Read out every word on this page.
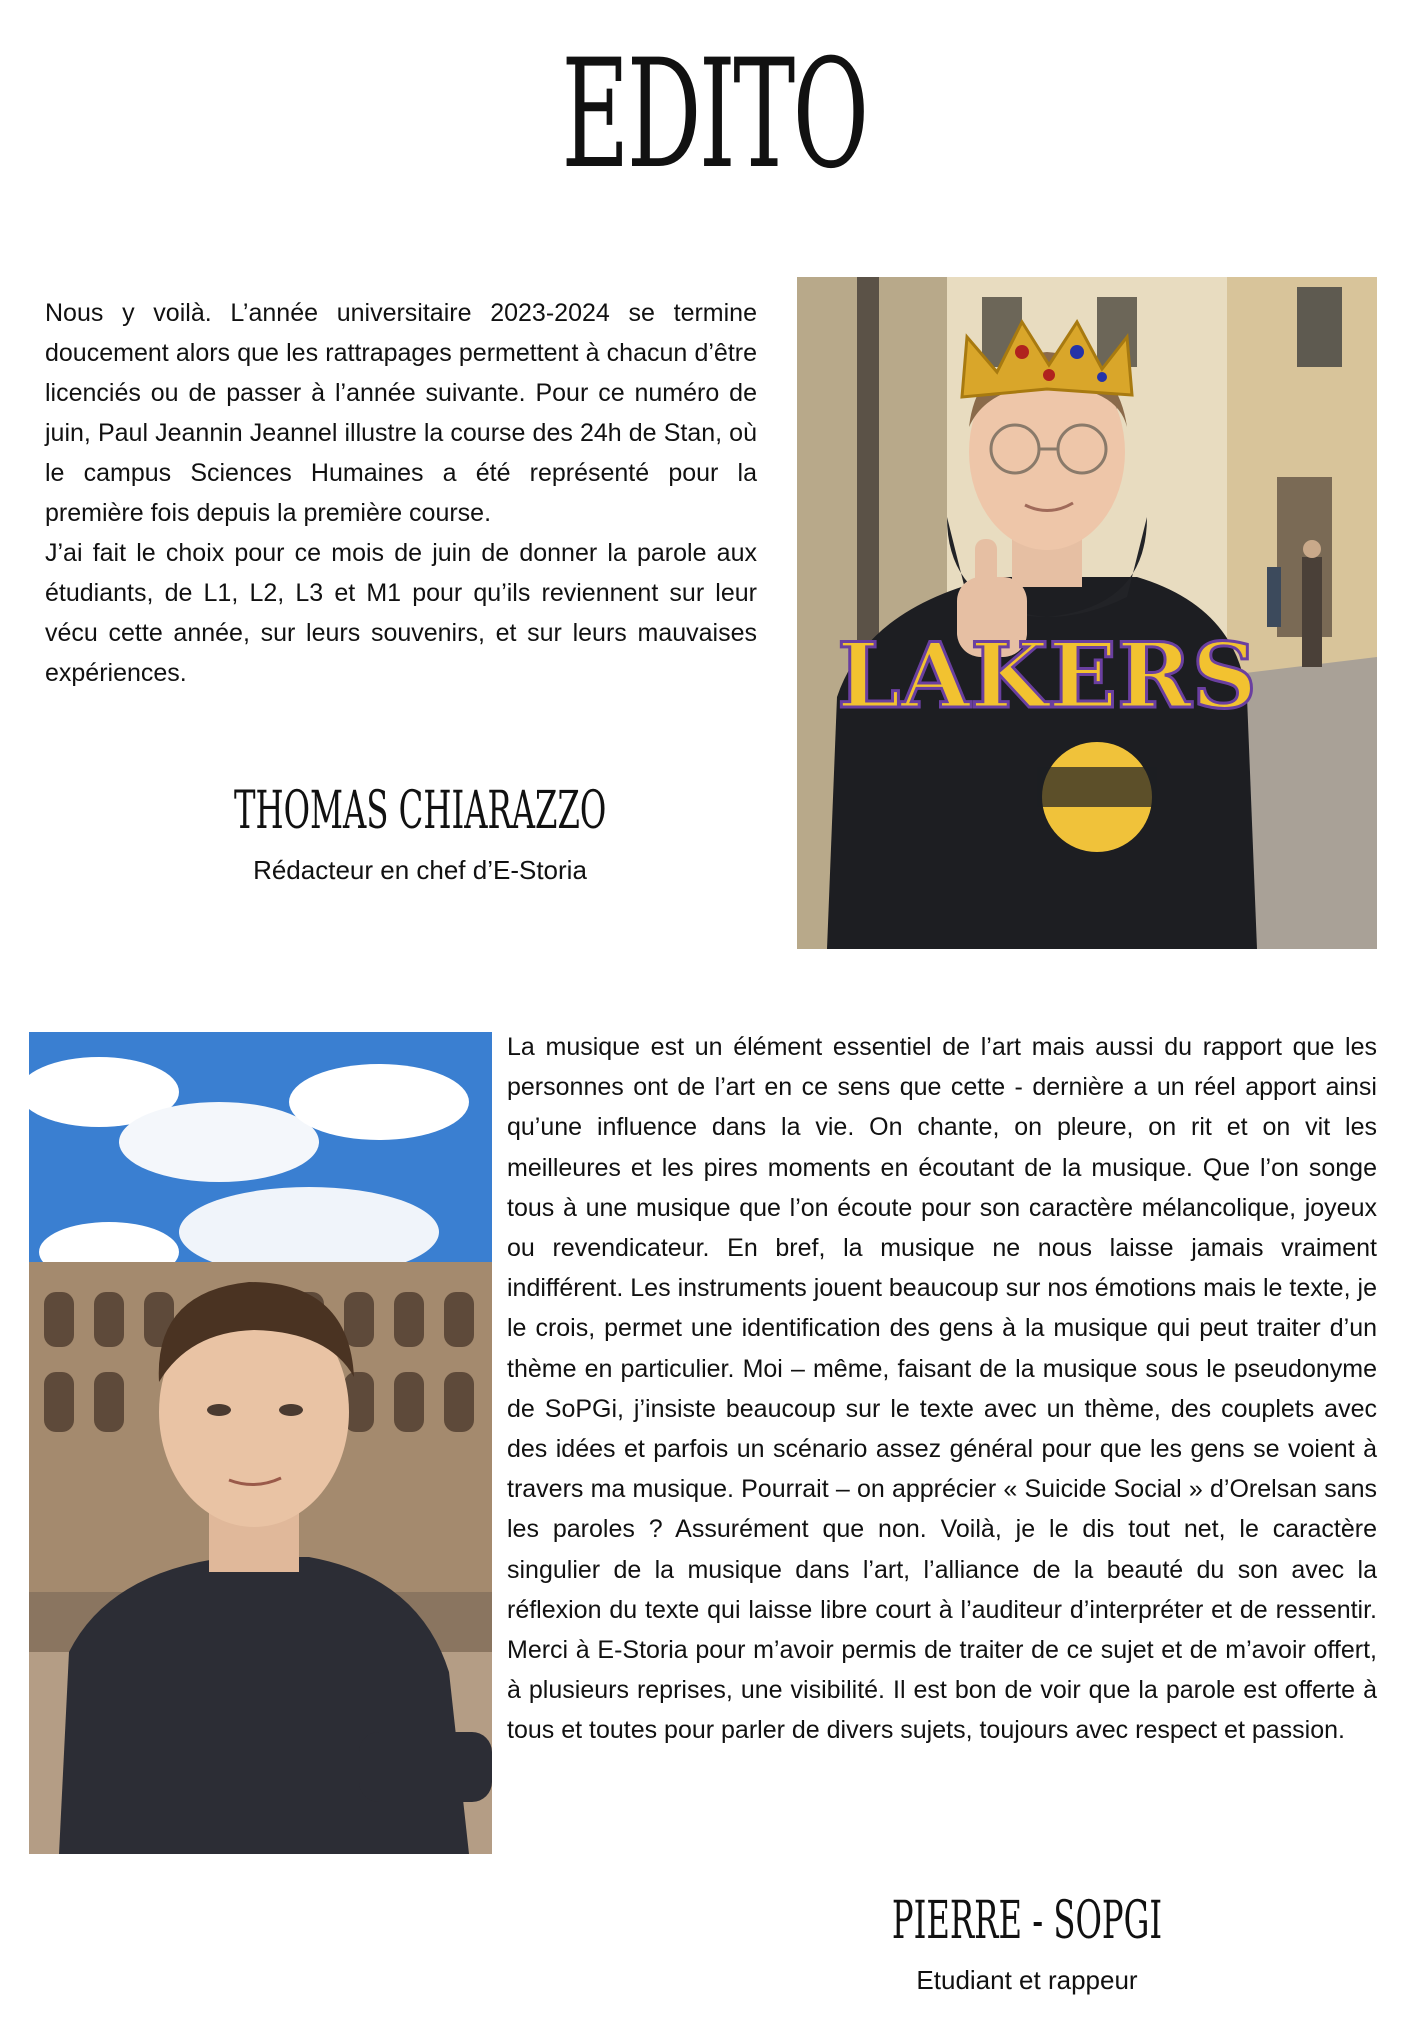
EDITO

Nous y voilà. L’année universitaire 2023-2024 se termine doucement alors que les rattrapages permettent à chacun d’être licenciés ou de passer à l’année suivante. Pour ce numéro de juin, Paul Jeannin Jeannel illustre la course des 24h de Stan, où le campus Sciences Humaines a été représenté pour la première fois depuis la première course.

J’ai fait le choix pour ce mois de juin de donner la parole aux étudiants, de L1, L2, L3 et M1 pour qu’ils reviennent sur leur vécu cette année, sur leurs souvenirs, et sur leurs mauvaises expériences.

THOMAS CHIARAZZO
Rédacteur en chef d’E-Storia
LAKERS

La musique est un élément essentiel de l’art mais aussi du rapport que les personnes ont de l’art en ce sens que cette - dernière a un réel apport ainsi qu’une influence dans la vie. On chante, on pleure, on rit et on vit les meilleures et les pires moments en écoutant de la musique. Que l’on songe tous à une musique que l’on écoute pour son caractère mélancolique, joyeux ou revendicateur. En bref, la musique ne nous laisse jamais vraiment indifférent. Les instruments jouent beaucoup sur nos émotions mais le texte, je le crois, permet une identification des gens à la musique qui peut traiter d’un thème en particulier. Moi – même, faisant de la musique sous le pseudonyme de SoPGi, j’insiste beaucoup sur le texte avec un thème, des couplets avec des idées et parfois un scénario assez général pour que les gens se voient à travers ma musique. Pourrait – on apprécier « Suicide Social » d’Orelsan sans les paroles ? Assurément que non. Voilà, je le dis tout net, le caractère singulier de la musique dans l’art, l’alliance de la beauté du son avec la réflexion du texte qui laisse libre court à l’auditeur d’interpréter et de ressentir. Merci à E-Storia pour m’avoir permis de traiter de ce sujet et de m’avoir offert, à plusieurs reprises, une visibilité. Il est bon de voir que la parole est offerte à tous et toutes pour parler de divers sujets, toujours avec respect et passion.

PIERRE - SOPGI
Etudiant et rappeur
